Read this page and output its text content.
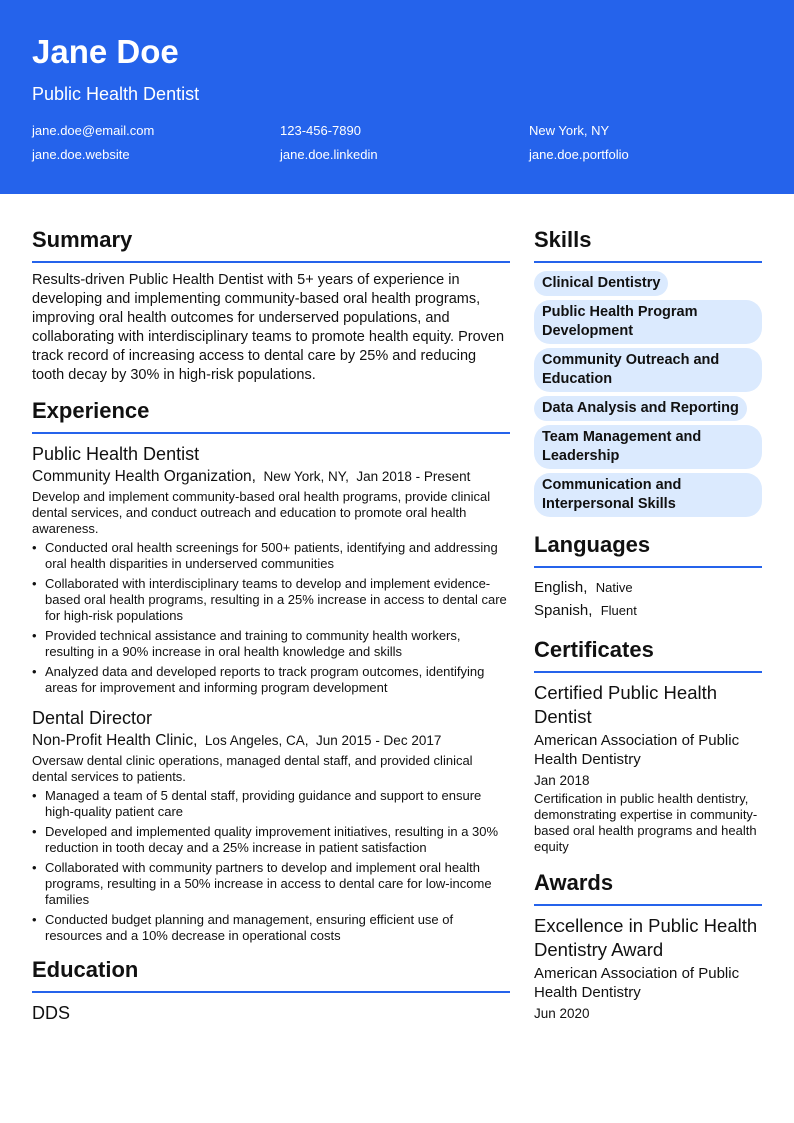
Jane Doe
Public Health Dentist
jane.doe@email.com	123-456-7890	New York, NY
jane.doe.website	jane.doe.linkedin	jane.doe.portfolio
Summary

Results-driven Public Health Dentist with 5+ years of experience in developing and implementing community-based oral health programs, improving oral health outcomes for underserved populations, and collaborating with interdisciplinary teams to promote health equity. Proven track record of increasing access to dental care by 25% and reducing tooth decay by 30% in high-risk populations.

Experience
Public Health Dentist
Community Health Organization, New York, NY, Jan 2018 - Present

Develop and implement community-based oral health programs, provide clinical dental services, and conduct outreach and education to promote oral health awareness.

• Conducted oral health screenings for 500+ patients, identifying and addressing oral health disparities in underserved communities
• Collaborated with interdisciplinary teams to develop and implement evidence-based oral health programs, resulting in a 25% increase in access to dental care for high-risk populations
• Provided technical assistance and training to community health workers, resulting in a 90% increase in oral health knowledge and skills
• Analyzed data and developed reports to track program outcomes, identifying areas for improvement and informing program development
Dental Director
Non-Profit Health Clinic, Los Angeles, CA, Jun 2015 - Dec 2017

Oversaw dental clinic operations, managed dental staff, and provided clinical dental services to patients.

• Managed a team of 5 dental staff, providing guidance and support to ensure high-quality patient care
• Developed and implemented quality improvement initiatives, resulting in a 30% reduction in tooth decay and a 25% increase in patient satisfaction
• Collaborated with community partners to develop and implement oral health programs, resulting in a 50% increase in access to dental care for low-income families
• Conducted budget planning and management, ensuring efficient use of resources and a 10% decrease in operational costs
Education
DDS
Skills
Clinical Dentistry
Public Health Program Development
Community Outreach and Education
Data Analysis and Reporting
Team Management and Leadership
Communication and Interpersonal Skills
Languages

English, Native

Spanish, Fluent

Certificates
Certified Public Health Dentist
American Association of Public Health Dentistry
Jan 2018

Certification in public health dentistry, demonstrating expertise in community-based oral health programs and health equity

Awards
Excellence in Public Health Dentistry Award
American Association of Public Health Dentistry
Jun 2020
